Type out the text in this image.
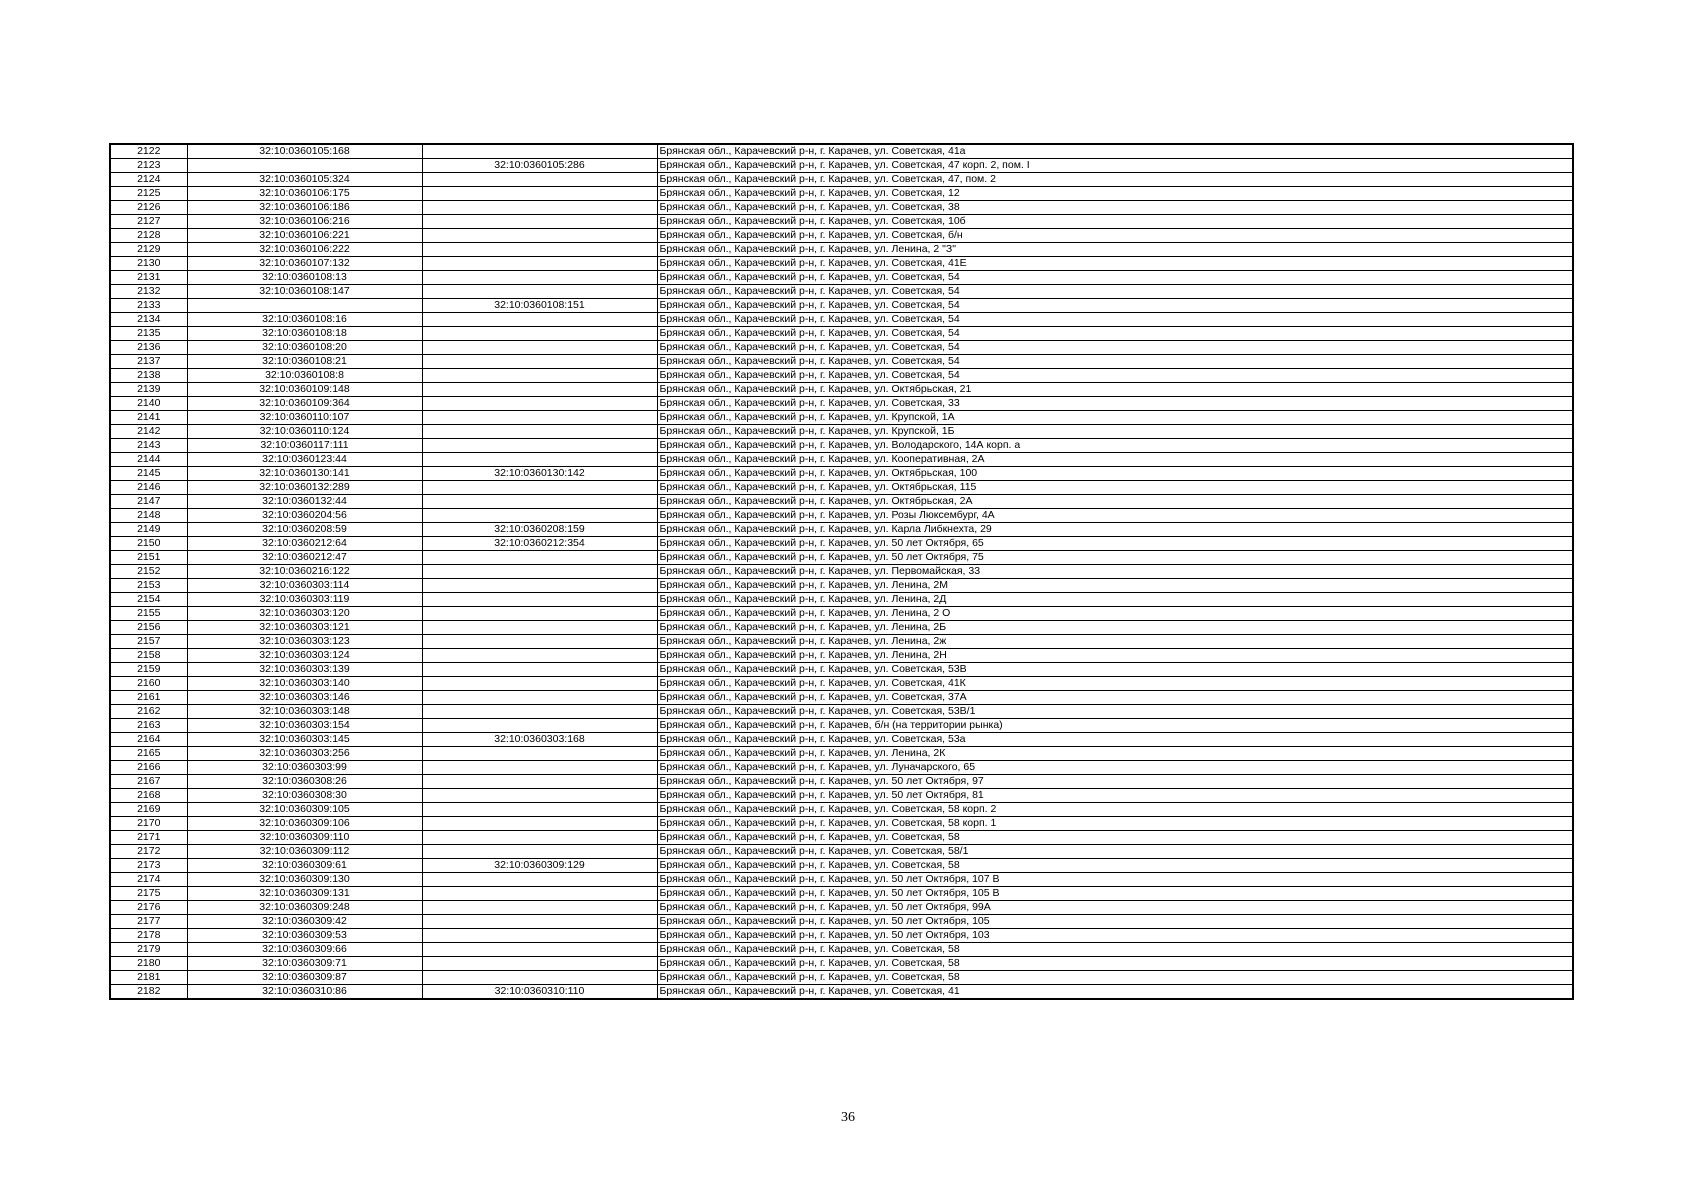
2122	32:10:0360105:168		Брянская обл., Карачевский р-н, г. Карачев, ул. Советская, 41а
2123		32:10:0360105:286	Брянская обл., Карачевский р-н, г. Карачев, ул. Советская, 47 корп. 2, пом. I
2124	32:10:0360105:324		Брянская обл., Карачевский р-н, г. Карачев, ул. Советская, 47, пом. 2
2125	32:10:0360106:175		Брянская обл., Карачевский р-н, г. Карачев, ул. Советская, 12
2126	32:10:0360106:186		Брянская обл., Карачевский р-н, г. Карачев, ул. Советская, 38
2127	32:10:0360106:216		Брянская обл., Карачевский р-н, г. Карачев, ул. Советская, 10б
2128	32:10:0360106:221		Брянская обл., Карачевский р-н, г. Карачев, ул. Советская, б/н
2129	32:10:0360106:222		Брянская обл., Карачевский р-н, г. Карачев, ул. Ленина, 2 "З"
2130	32:10:0360107:132		Брянская обл., Карачевский р-н, г. Карачев, ул. Советская, 41Е
2131	32:10:0360108:13		Брянская обл., Карачевский р-н, г. Карачев, ул. Советская, 54
2132	32:10:0360108:147		Брянская обл., Карачевский р-н, г. Карачев, ул. Советская, 54
2133		32:10:0360108:151	Брянская обл., Карачевский р-н, г. Карачев, ул. Советская, 54
2134	32:10:0360108:16		Брянская обл., Карачевский р-н, г. Карачев, ул. Советская, 54
2135	32:10:0360108:18		Брянская обл., Карачевский р-н, г. Карачев, ул. Советская, 54
2136	32:10:0360108:20		Брянская обл., Карачевский р-н, г. Карачев, ул. Советская, 54
2137	32:10:0360108:21		Брянская обл., Карачевский р-н, г. Карачев, ул. Советская, 54
2138	32:10:0360108:8		Брянская обл., Карачевский р-н, г. Карачев, ул. Советская, 54
2139	32:10:0360109:148		Брянская обл., Карачевский р-н, г. Карачев, ул. Октябрьская, 21
2140	32:10:0360109:364		Брянская обл., Карачевский р-н, г. Карачев, ул. Советская, 33
2141	32:10:0360110:107		Брянская обл., Карачевский р-н, г. Карачев, ул. Крупской, 1А
2142	32:10:0360110:124		Брянская обл., Карачевский р-н, г. Карачев, ул. Крупской, 1Б
2143	32:10:0360117:111		Брянская обл., Карачевский р-н, г. Карачев, ул. Володарского, 14А корп. а
2144	32:10:0360123:44		Брянская обл., Карачевский р-н, г. Карачев, ул. Кооперативная, 2А
2145	32:10:0360130:141	32:10:0360130:142	Брянская обл., Карачевский р-н, г. Карачев, ул. Октябрьская, 100
2146	32:10:0360132:289		Брянская обл., Карачевский р-н, г. Карачев, ул. Октябрьская, 115
2147	32:10:0360132:44		Брянская обл., Карачевский р-н, г. Карачев, ул. Октябрьская, 2А
2148	32:10:0360204:56		Брянская обл., Карачевский р-н, г. Карачев, ул. Розы Люксембург, 4А
2149	32:10:0360208:59	32:10:0360208:159	Брянская обл., Карачевский р-н, г. Карачев, ул. Карла Либкнехта, 29
2150	32:10:0360212:64	32:10:0360212:354	Брянская обл., Карачевский р-н, г. Карачев, ул. 50 лет Октября, 65
2151	32:10:0360212:47		Брянская обл., Карачевский р-н, г. Карачев, ул. 50 лет Октября, 75
2152	32:10:0360216:122		Брянская обл., Карачевский р-н, г. Карачев, ул. Первомайская, 33
2153	32:10:0360303:114		Брянская обл., Карачевский р-н, г. Карачев, ул. Ленина, 2М
2154	32:10:0360303:119		Брянская обл., Карачевский р-н, г. Карачев, ул. Ленина, 2Д
2155	32:10:0360303:120		Брянская обл., Карачевский р-н, г. Карачев, ул. Ленина, 2 О
2156	32:10:0360303:121		Брянская обл., Карачевский р-н, г. Карачев, ул. Ленина, 2Б
2157	32:10:0360303:123		Брянская обл., Карачевский р-н, г. Карачев, ул. Ленина, 2ж
2158	32:10:0360303:124		Брянская обл., Карачевский р-н, г. Карачев, ул. Ленина, 2Н
2159	32:10:0360303:139		Брянская обл., Карачевский р-н, г. Карачев, ул. Советская, 53В
2160	32:10:0360303:140		Брянская обл., Карачевский р-н, г. Карачев, ул. Советская, 41К
2161	32:10:0360303:146		Брянская обл., Карачевский р-н, г. Карачев, ул. Советская, 37А
2162	32:10:0360303:148		Брянская обл., Карачевский р-н, г. Карачев, ул. Советская, 53В/1
2163	32:10:0360303:154		Брянская обл., Карачевский р-н, г. Карачев, б/н (на территории рынка)
2164	32:10:0360303:145	32:10:0360303:168	Брянская обл., Карачевский р-н, г. Карачев, ул. Советская, 53а
2165	32:10:0360303:256		Брянская обл., Карачевский р-н, г. Карачев, ул. Ленина, 2К
2166	32:10:0360303:99		Брянская обл., Карачевский р-н, г. Карачев, ул. Луначарского, 65
2167	32:10:0360308:26		Брянская обл., Карачевский р-н, г. Карачев, ул. 50 лет Октября, 97
2168	32:10:0360308:30		Брянская обл., Карачевский р-н, г. Карачев, ул. 50 лет Октября, 81
2169	32:10:0360309:105		Брянская обл., Карачевский р-н, г. Карачев, ул. Советская, 58 корп. 2
2170	32:10:0360309:106		Брянская обл., Карачевский р-н, г. Карачев, ул. Советская, 58 корп. 1
2171	32:10:0360309:110		Брянская обл., Карачевский р-н, г. Карачев, ул. Советская, 58
2172	32:10:0360309:112		Брянская обл., Карачевский р-н, г. Карачев, ул. Советская, 58/1
2173	32:10:0360309:61	32:10:0360309:129	Брянская обл., Карачевский р-н, г. Карачев, ул. Советская, 58
2174	32:10:0360309:130		Брянская обл., Карачевский р-н, г. Карачев, ул. 50 лет Октября, 107 В
2175	32:10:0360309:131		Брянская обл., Карачевский р-н, г. Карачев, ул. 50 лет Октября, 105 В
2176	32:10:0360309:248		Брянская обл., Карачевский р-н, г. Карачев, ул. 50 лет Октября, 99А
2177	32:10:0360309:42		Брянская обл., Карачевский р-н, г. Карачев, ул. 50 лет Октября, 105
2178	32:10:0360309:53		Брянская обл., Карачевский р-н, г. Карачев, ул. 50 лет Октября, 103
2179	32:10:0360309:66		Брянская обл., Карачевский р-н, г. Карачев, ул. Советская, 58
2180	32:10:0360309:71		Брянская обл., Карачевский р-н, г. Карачев, ул. Советская, 58
2181	32:10:0360309:87		Брянская обл., Карачевский р-н, г. Карачев, ул. Советская, 58
2182	32:10:0360310:86	32:10:0360310:110	Брянская обл., Карачевский р-н, г. Карачев, ул. Советская, 41
36
